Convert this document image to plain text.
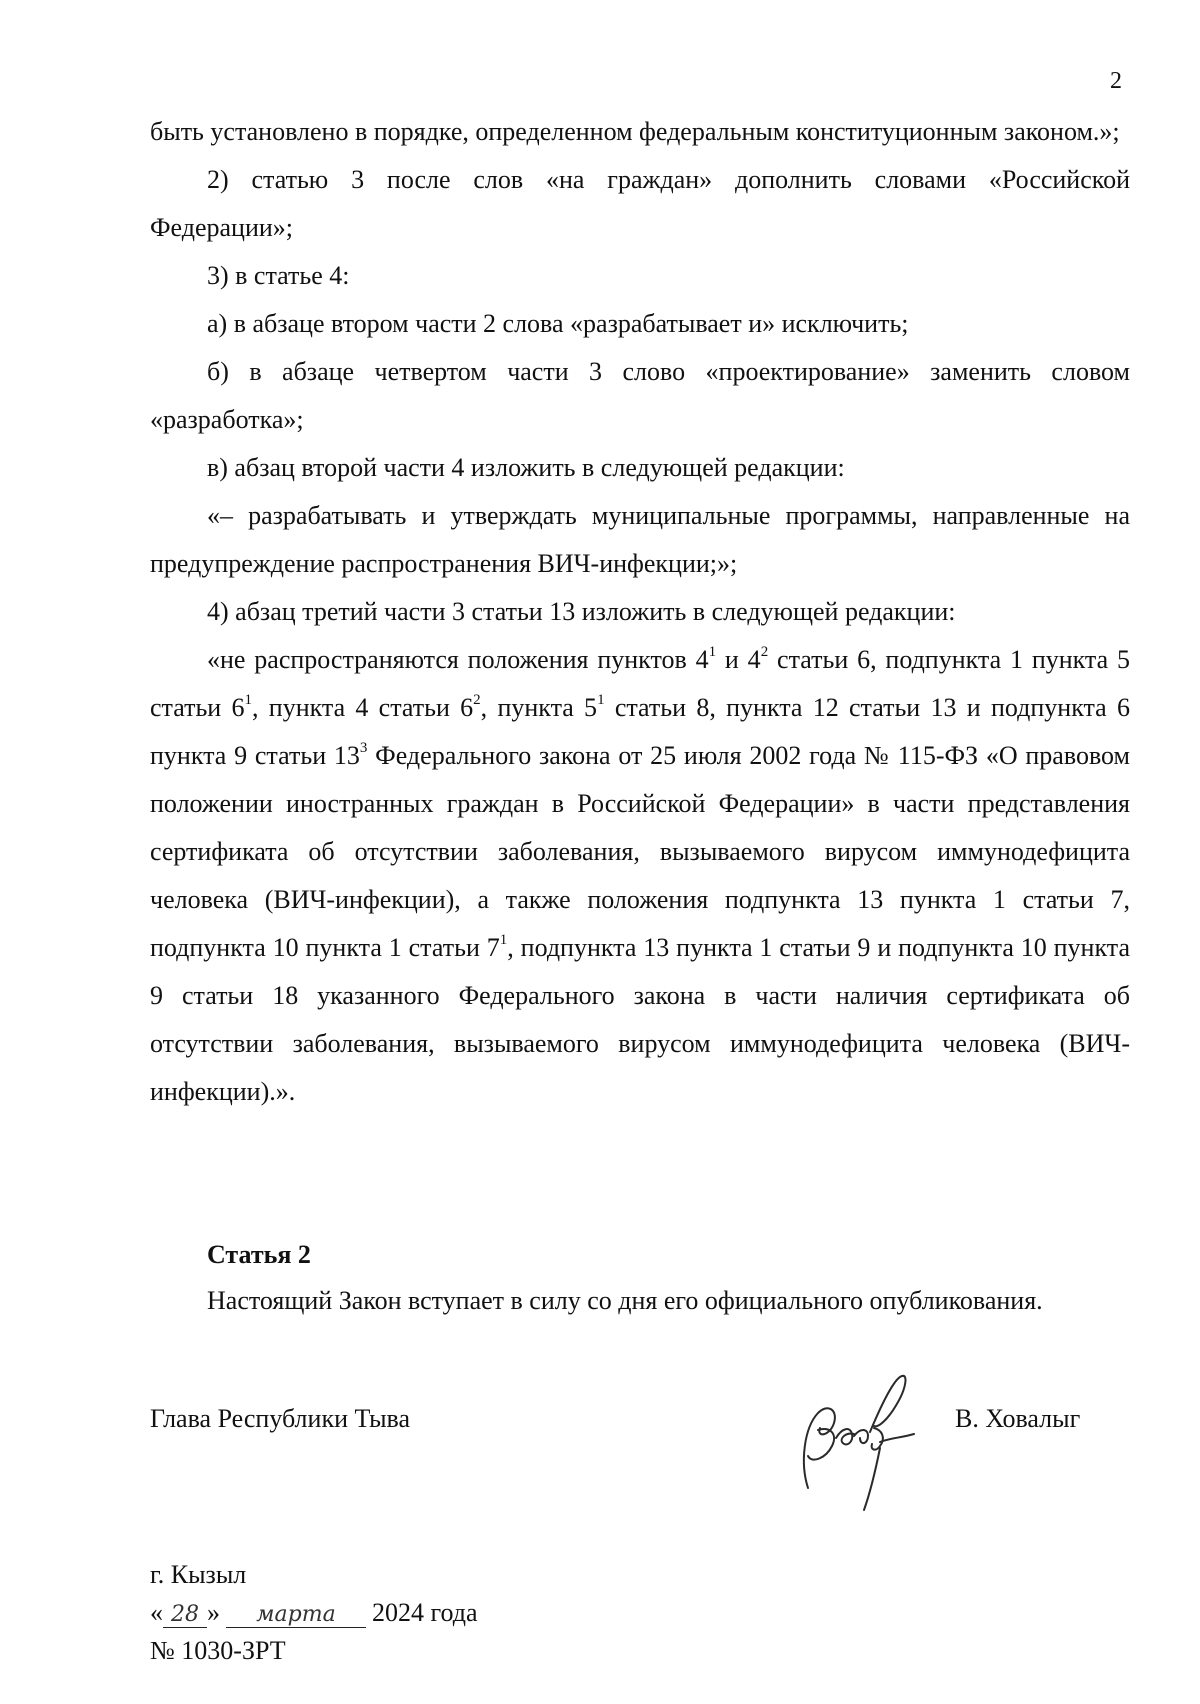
2

быть установлено в порядке, определенном федеральным конституционным законом.»;

2) статью 3 после слов «на граждан» дополнить словами «Российской Федерации»;

3) в статье 4:

а) в абзаце втором части 2 слова «разрабатывает и» исключить;

б) в абзаце четвертом части 3 слово «проектирование» заменить словом «разработка»;

в) абзац второй части 4 изложить в следующей редакции:

«– разрабатывать и утверждать муниципальные программы, направленные на предупреждение распространения ВИЧ-инфекции;»;

4) абзац третий части 3 статьи 13 изложить в следующей редакции:

«не распространяются положения пунктов $4^1$ и $4^2$ статьи 6, подпункта 1 пункта 5 статьи $6^1$, пункта 4 статьи $6^2$, пункта $5^1$ статьи 8, пункта 12 статьи 13 и подпункта 6 пункта 9 статьи $13^3$ Федерального закона от 25 июля 2002 года № 115-ФЗ «О правовом положении иностранных граждан в Российской Федерации» в части представления сертификата об отсутствии заболевания, вызываемого вирусом иммунодефицита человека (ВИЧ-инфекции), а также положения подпункта 13 пункта 1 статьи 7, подпункта 10 пункта 1 статьи $7^1$, подпункта 13 пункта 1 статьи 9 и подпункта 10 пункта 9 статьи 18 указанного Федерального закона в части наличия сертификата об отсутствии заболевания, вызываемого вирусом иммунодефицита человека (ВИЧ-инфекции).».

Статья 2
Настоящий Закон вступает в силу со дня его официального опубликования.
Глава Республики Тыва	В. Ховалыг
г. Кызыл
« 28 » марта 2024 года
№ 1030-ЗРТ
